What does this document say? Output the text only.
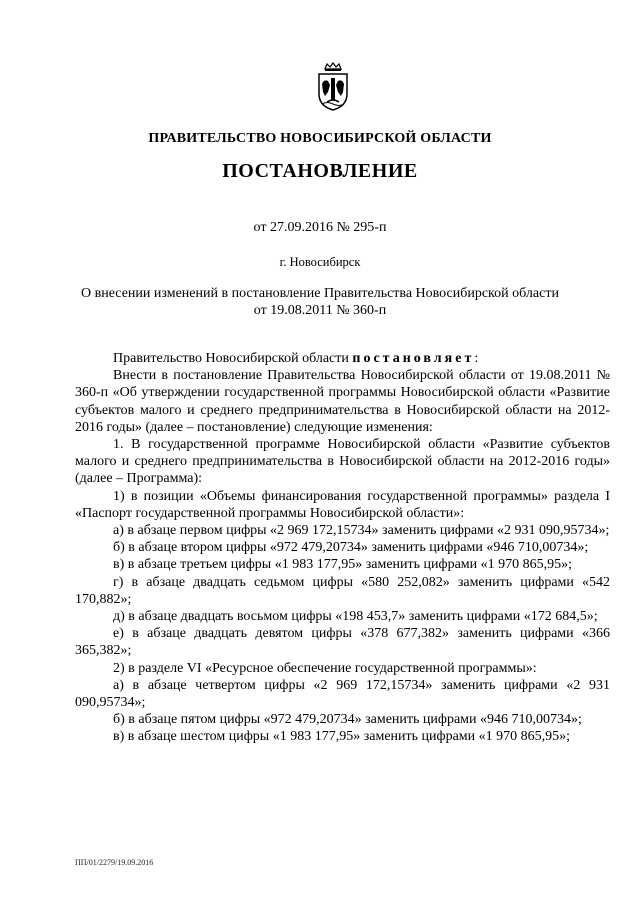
ПРАВИТЕЛЬСТВО НОВОСИБИРСКОЙ ОБЛАСТИ
ПОСТАНОВЛЕНИЕ
от 27.09.2016 № 295-п
г. Новосибирск
О внесении изменений в постановление Правительства Новосибирской области
от 19.08.2011 № 360-п

Правительство Новосибирской области постановляет:

Внести в постановление Правительства Новосибирской области от 19.08.2011 № 360-п «Об утверждении государственной программы Новосибирской области «Развитие субъектов малого и среднего предпринимательства в Новосибирской области на 2012-2016 годы» (далее – постановление) следующие изменения:

1. В государственной программе Новосибирской области «Развитие субъектов малого и среднего предпринимательства в Новосибирской области на 2012-2016 годы» (далее – Программа):

1) в позиции «Объемы финансирования государственной программы» раздела I «Паспорт государственной программы Новосибирской области»:

а) в абзаце первом цифры «2 969 172,15734» заменить цифрами «2 931 090,95734»;

б) в абзаце втором цифры «972 479,20734» заменить цифрами «946 710,00734»;

в) в абзаце третьем цифры «1 983 177,95» заменить цифрами «1 970 865,95»;

г) в абзаце двадцать седьмом цифры «580 252,082» заменить цифрами «542 170,882»;

д) в абзаце двадцать восьмом цифры «198 453,7» заменить цифрами «172 684,5»;

е) в абзаце двадцать девятом цифры «378 677,382» заменить цифрами «366 365,382»;

2) в разделе VI «Ресурсное обеспечение государственной программы»:

а) в абзаце четвертом цифры «2 969 172,15734» заменить цифрами «2 931 090,95734»;

б) в абзаце пятом цифры «972 479,20734» заменить цифрами «946 710,00734»;

в) в абзаце шестом цифры «1 983 177,95» заменить цифрами «1 970 865,95»;

ПП/01/2279/19.09.2016
